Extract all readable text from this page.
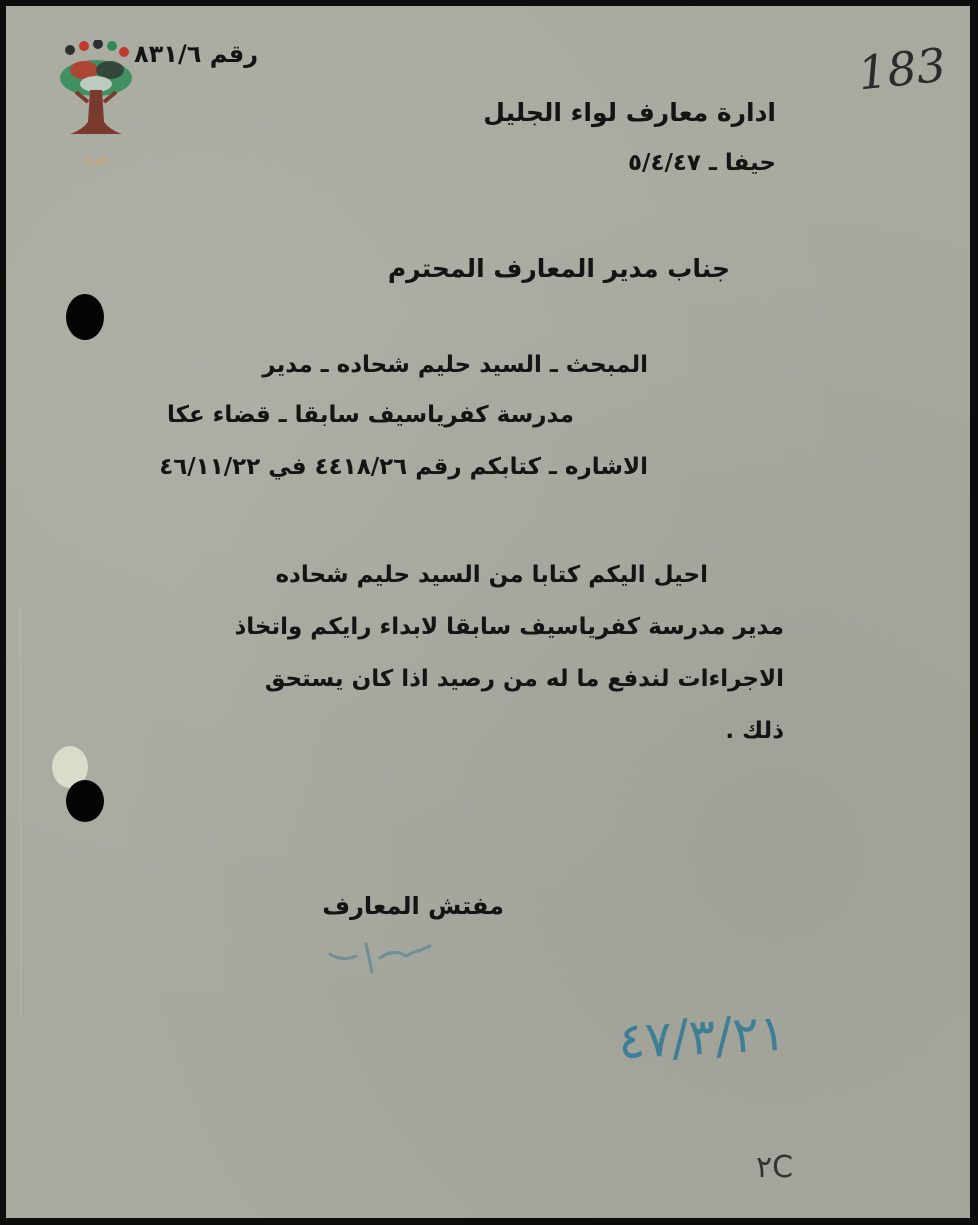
هوية
رقم ٨٣١/٦	183
ادارة معارف لواء الجليل
حيفا ـ ٥/٤/٤٧
جناب مدير المعارف المحترم
المبحث ـ السيد حليم شحاده ـ مدير
مدرسة كفرياسيف سابقا ـ قضاء عكا
الاشاره ـ كتابكم رقم ٤٤١٨/٢٦ في ٤٦/١١/٢٢
احيل اليكم كتابا من السيد حليم شحاده
مدير مدرسة كفرياسيف سابقا لابداء رايكم واتخاذ
الاجراءات لندفع ما له من رصيد اذا كان يستحق
ذلك .
مفتش المعارف
٤٧/٣/٢١
٢C
